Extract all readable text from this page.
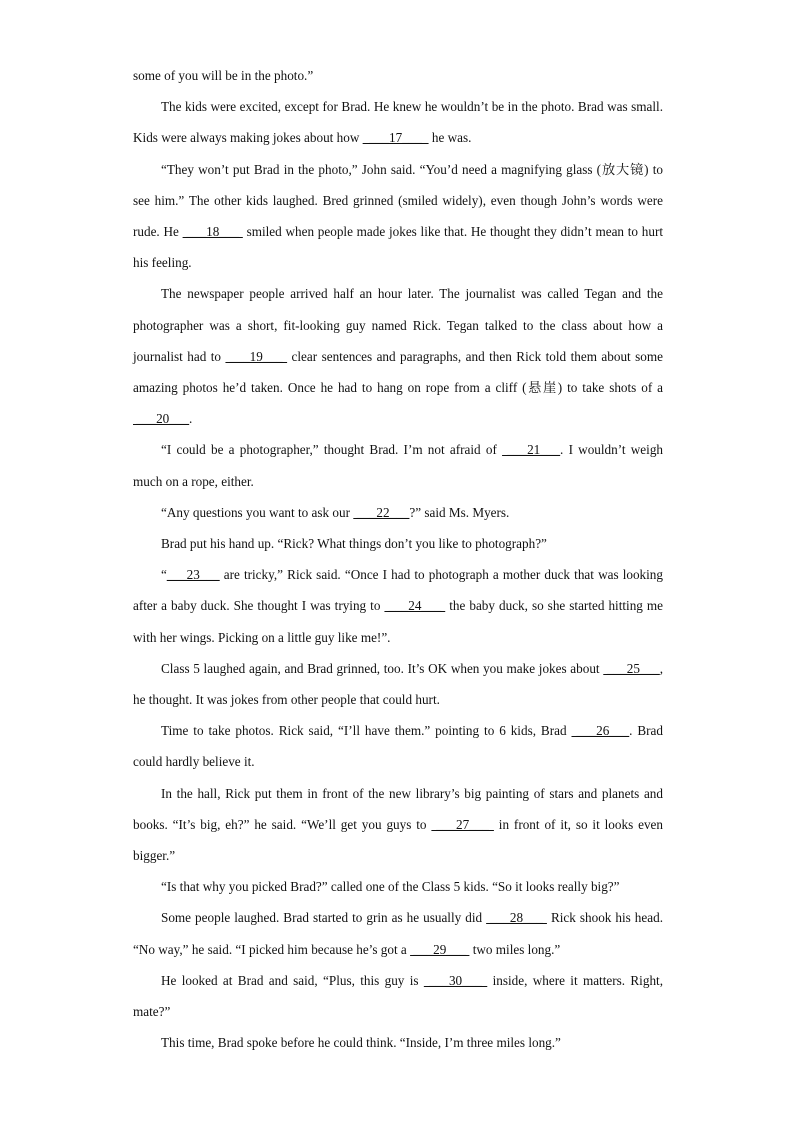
some of you will be in the photo.”

The kids were excited, except for Brad. He knew he wouldn’t be in the photo. Brad was small. Kids were always making jokes about how   ___17___   he was.

“They won’t put Brad in the photo,” John said. “You’d need a magnifying glass (放大镜) to see him.” The other kids laughed. Bred grinned (smiled widely), even though John’s words were rude. He  ___18___  smiled when people made jokes like that. He thought they didn’t mean to hurt his feeling.

The newspaper people arrived half an hour later. The journalist was called Tegan and the photographer was a short, fit-looking guy named Rick. Tegan talked to the class about how a journalist had to  ___19___  clear sentences and paragraphs, and then Rick told them about some amazing photos he’d taken. Once he had to hang on rope from a cliff (悬崖) to take shots of a  ___20___.

“I could be a photographer,” thought Brad. I’m not afraid of  ___21___. I wouldn’t weigh much on a rope, either.

“Any questions you want to ask our  ___22___?” said Ms. Myers.

Brad put his hand up. “Rick? What things don’t you like to photograph?”

“___23___ are tricky,” Rick said. “Once I had to photograph a mother duck that was looking after a baby duck. She thought I was trying to  ___24___  the baby duck, so she started hitting me with her wings. Picking on a little guy like me!”.

Class 5 laughed again, and Brad grinned, too. It’s OK when you make jokes about  ___25___, he thought. It was jokes from other people that could hurt.

Time to take photos. Rick said, “I’ll have them.” pointing to 6 kids, Brad  ___26___. Brad could hardly believe it.

In the hall, Rick put them in front of the new library’s big painting of stars and planets and books. “It’s big, eh?” he said. “We’ll get you guys to  ___27___  in front of it, so it looks even bigger.”

“Is that why you picked Brad?” called one of the Class 5 kids. “So it looks really big?”

Some people laughed. Brad started to grin as he usually did  ___28___  Rick shook his head. “No way,” he said. “I picked him because he’s got a  ___29___  two miles long.”

He looked at Brad and said, “Plus, this guy is  ___30___  inside, where it matters. Right, mate?”

This time, Brad spoke before he could think. “Inside, I’m three miles long.”
